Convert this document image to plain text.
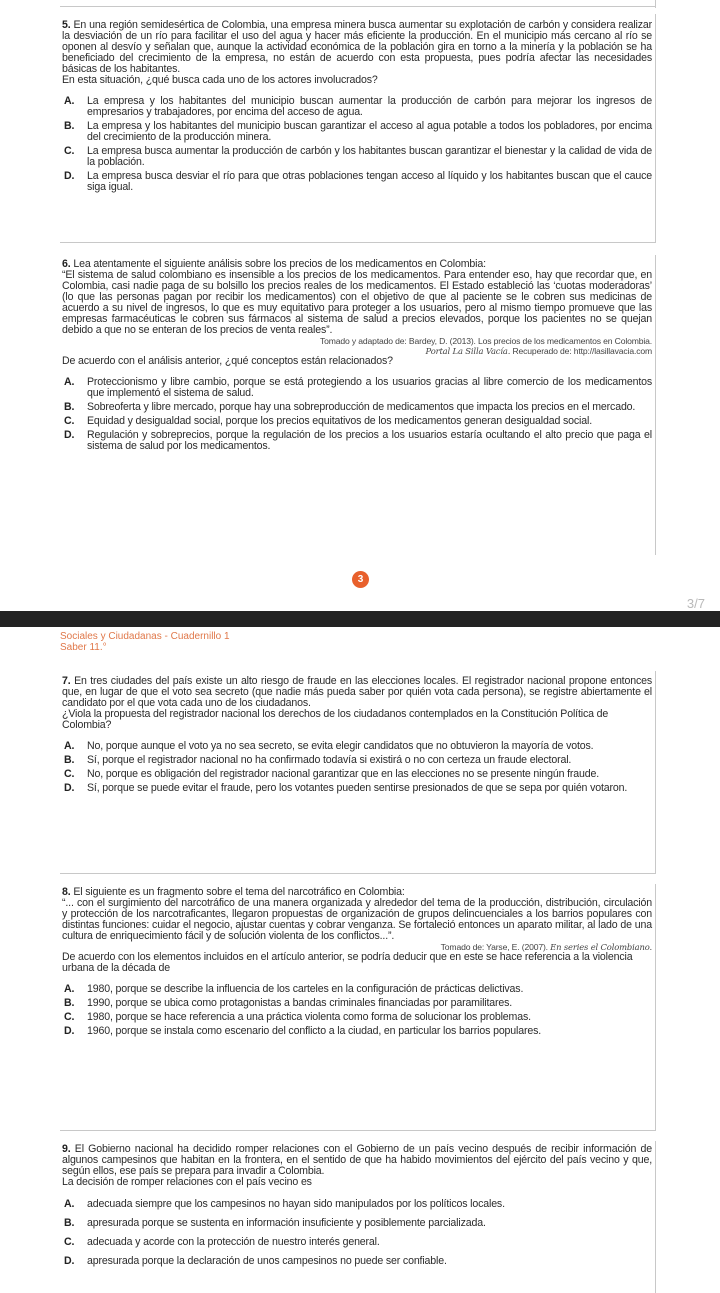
5. En una región semidesértica de Colombia, una empresa minera busca aumentar su explotación de carbón y considera realizar la desviación de un río para facilitar el uso del agua y hacer más eficiente la producción. En el municipio más cercano al río se oponen al desvío y señalan que, aunque la actividad económica de la población gira en torno a la minería y la población se ha beneficiado del crecimiento de la empresa, no están de acuerdo con esta propuesta, pues podría afectar las necesidades básicas de los habitantes.

En esta situación, ¿qué busca cada uno de los actores involucrados?

A. La empresa y los habitantes del municipio buscan aumentar la producción de carbón para mejorar los ingresos de empresarios y trabajadores, por encima del acceso de agua.
B. La empresa y los habitantes del municipio buscan garantizar el acceso al agua potable a todos los pobladores, por encima del crecimiento de la producción minera.
C. La empresa busca aumentar la producción de carbón y los habitantes buscan garantizar el bienestar y la calidad de vida de la población.
D. La empresa busca desviar el río para que otras poblaciones tengan acceso al líquido y los habitantes buscan que el cauce siga igual.

6. Lea atentamente el siguiente análisis sobre los precios de los medicamentos en Colombia:

“El sistema de salud colombiano es insensible a los precios de los medicamentos. Para entender eso, hay que recordar que, en Colombia, casi nadie paga de su bolsillo los precios reales de los medicamentos. El Estado estableció las ‘cuotas moderadoras’ (lo que las personas pagan por recibir los medicamentos) con el objetivo de que al paciente se le cobren sus medicinas de acuerdo a su nivel de ingresos, lo que es muy equitativo para proteger a los usuarios, pero al mismo tiempo promueve que las empresas farmacéuticas le cobren sus fármacos al sistema de salud a precios elevados, porque los pacientes no se quejan debido a que no se enteran de los precios de venta reales”.

Tomado y adaptado de: Bardey, D. (2013). Los precios de los medicamentos en Colombia.
Portal La Silla Vacía. Recuperado de: http://lasillavacia.com

De acuerdo con el análisis anterior, ¿qué conceptos están relacionados?

A. Proteccionismo y libre cambio, porque se está protegiendo a los usuarios gracias al libre comercio de los medicamentos que implementó el sistema de salud.
B. Sobreoferta y libre mercado, porque hay una sobreproducción de medicamentos que impacta los precios en el mercado.
C. Equidad y desigualdad social, porque los precios equitativos de los medicamentos generan desigualdad social.
D. Regulación y sobreprecios, porque la regulación de los precios a los usuarios estaría ocultando el alto precio que paga el sistema de salud por los medicamentos.
3
3/7
Sociales y Ciudadanas - Cuadernillo 1
Saber 11.°

7. En tres ciudades del país existe un alto riesgo de fraude en las elecciones locales. El registrador nacional propone entonces que, en lugar de que el voto sea secreto (que nadie más pueda saber por quién vota cada persona), se registre abiertamente el candidato por el que vota cada uno de los ciudadanos.

¿Viola la propuesta del registrador nacional los derechos de los ciudadanos contemplados en la Constitución Política de Colombia?

A. No, porque aunque el voto ya no sea secreto, se evita elegir candidatos que no obtuvieron la mayoría de votos.
B. Sí, porque el registrador nacional no ha confirmado todavía si existirá o no con certeza un fraude electoral.
C. No, porque es obligación del registrador nacional garantizar que en las elecciones no se presente ningún fraude.
D. Sí, porque se puede evitar el fraude, pero los votantes pueden sentirse presionados de que se sepa por quién votaron.

8. El siguiente es un fragmento sobre el tema del narcotráfico en Colombia:

“... con el surgimiento del narcotráfico de una manera organizada y alrededor del tema de la producción, distribución, circulación y protección de los narcotraficantes, llegaron propuestas de organización de grupos delincuenciales a los barrios populares con distintas funciones: cuidar el negocio, ajustar cuentas y cobrar venganza. Se fortaleció entonces un aparato militar, al lado de una cultura de enriquecimiento fácil y de solución violenta de los conflictos...”.

Tomado de: Yarse, E. (2007). En series el Colombiano.

De acuerdo con los elementos incluidos en el artículo anterior, se podría deducir que en este se hace referencia a la violencia urbana de la década de

A. 1980, porque se describe la influencia de los carteles en la configuración de prácticas delictivas.
B. 1990, porque se ubica como protagonistas a bandas criminales financiadas por paramilitares.
C. 1980, porque se hace referencia a una práctica violenta como forma de solucionar los problemas.
D. 1960, porque se instala como escenario del conflicto a la ciudad, en particular los barrios populares.

9. El Gobierno nacional ha decidido romper relaciones con el Gobierno de un país vecino después de recibir información de algunos campesinos que habitan en la frontera, en el sentido de que ha habido movimientos del ejército del país vecino y que, según ellos, ese país se prepara para invadir a Colombia.

La decisión de romper relaciones con el país vecino es

A. adecuada siempre que los campesinos no hayan sido manipulados por los políticos locales.
B. apresurada porque se sustenta en información insuficiente y posiblemente parcializada.
C. adecuada y acorde con la protección de nuestro interés general.
D. apresurada porque la declaración de unos campesinos no puede ser confiable.
